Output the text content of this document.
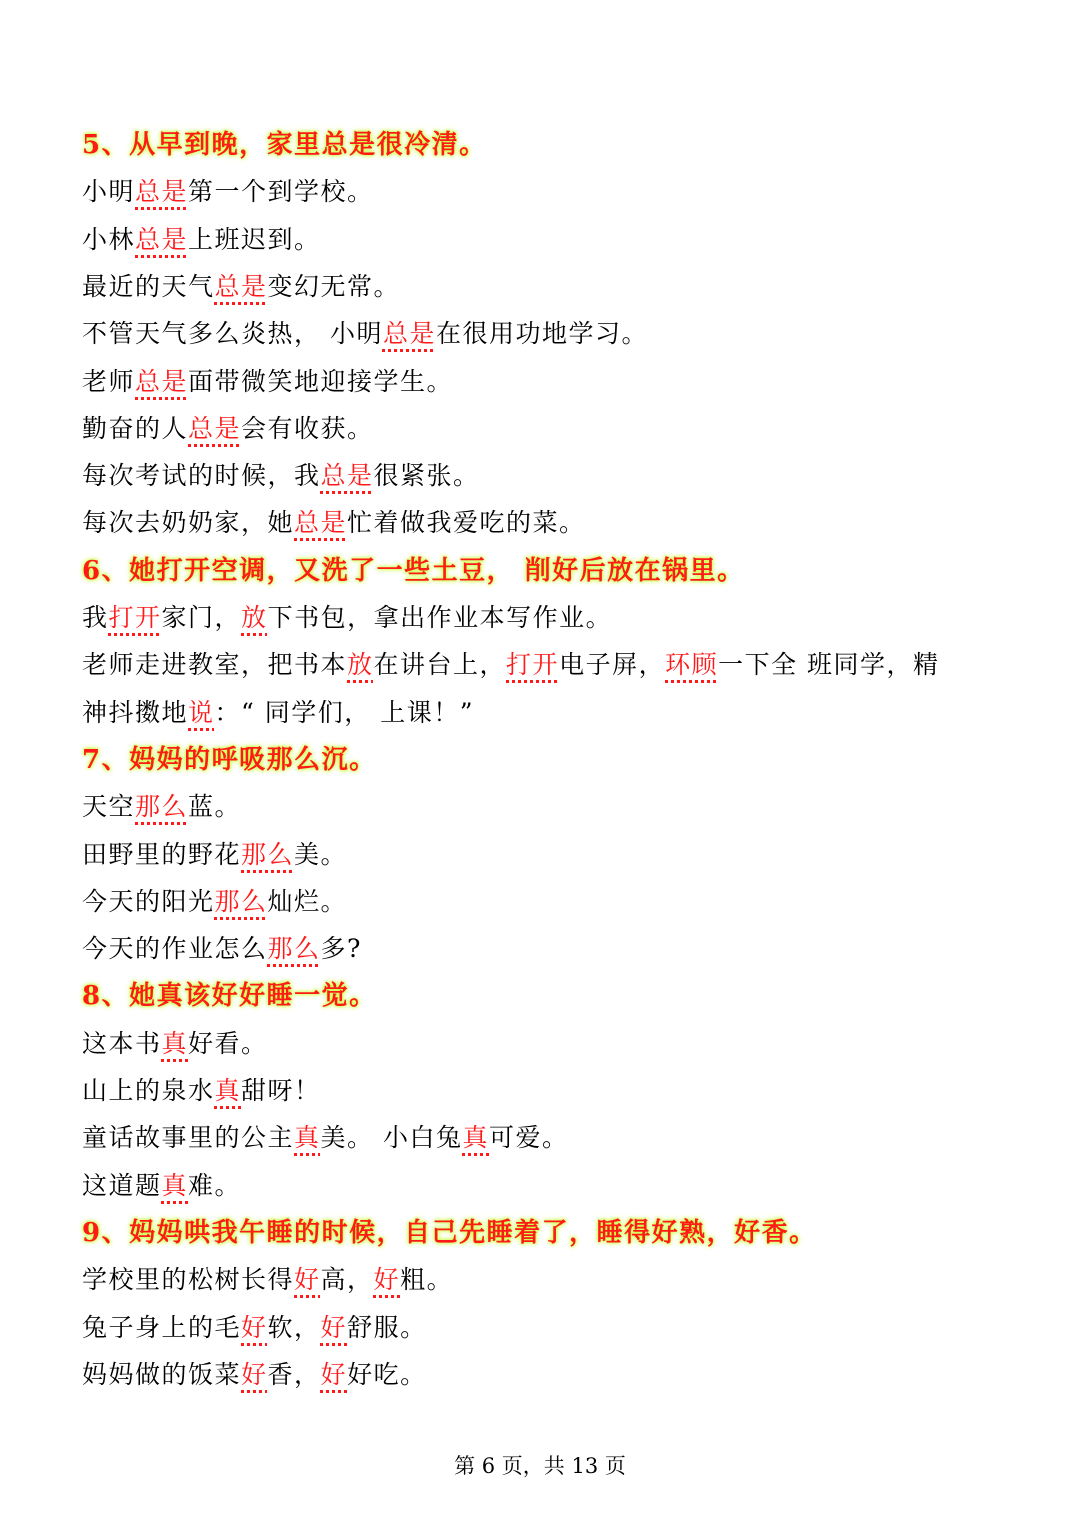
5、从早到晚，家里总是很冷清。
小明总是第一个到学校。
小林总是上班迟到。
最近的天气总是变幻无常。
不管天气多么炎热， 小明总是在很用功地学习。
老师总是面带微笑地迎接学生。
勤奋的人总是会有收获。
每次考试的时候，我总是很紧张。
每次去奶奶家，她总是忙着做我爱吃的菜。
6、她打开空调，又洗了一些土豆， 削好后放在锅里。
我打开家门，放下书包，拿出作业本写作业。
老师走进教室，把书本放在讲台上，打开电子屏，环顾一下全 班同学，精
神抖擞地说：“ 同学们， 上课！”
7、妈妈的呼吸那么沉。
天空那么蓝。
田野里的野花那么美。
今天的阳光那么灿烂。
今天的作业怎么那么多?
8、她真该好好睡一觉。
这本书真好看。
山上的泉水真甜呀！
童话故事里的公主真美。 小白兔真可爱。
这道题真难。
9、妈妈哄我午睡的时候，自己先睡着了，睡得好熟，好香。
学校里的松树长得好高，好粗。
兔子身上的毛好软，好舒服。
妈妈做的饭菜好香，好好吃。
第 6 页，共 13 页
